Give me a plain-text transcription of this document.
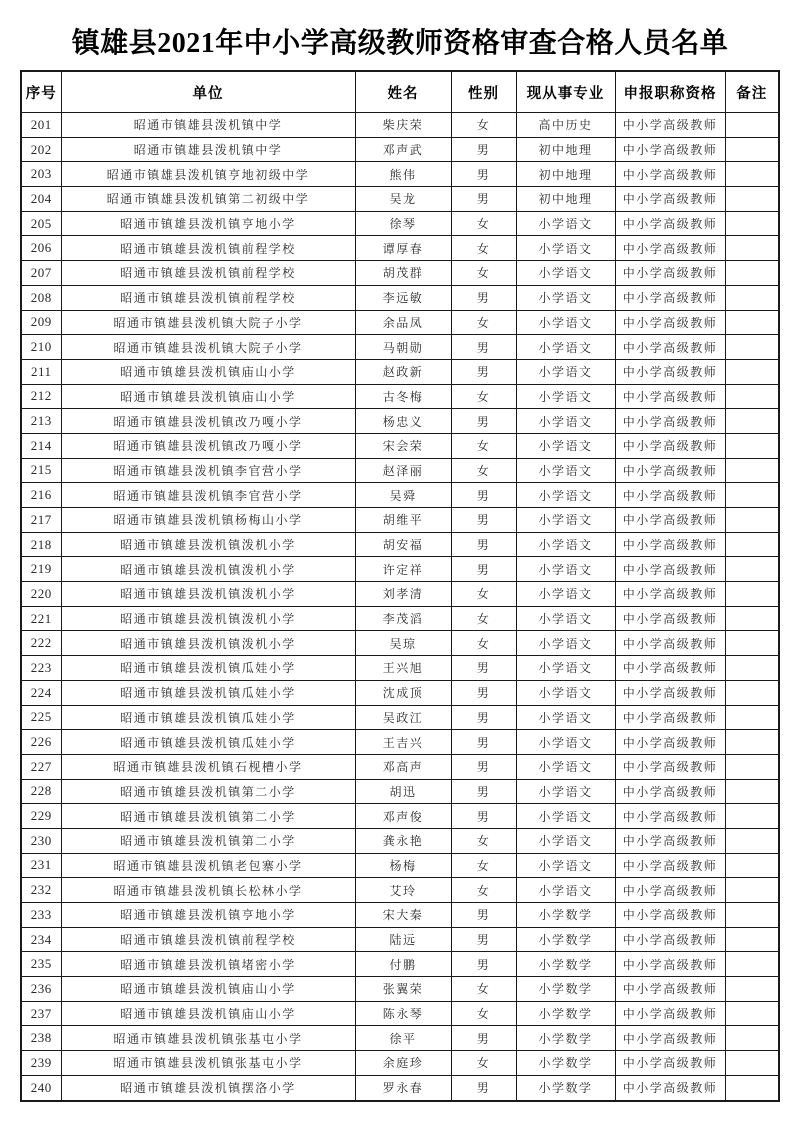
镇雄县2021年中小学高级教师资格审查合格人员名单
序号	单位	姓名	性别	现从事专业	申报职称资格	备注
201	昭通市镇雄县泼机镇中学	柴庆荣	女	高中历史	中小学高级教师	
202	昭通市镇雄县泼机镇中学	邓声武	男	初中地理	中小学高级教师	
203	昭通市镇雄县泼机镇亨地初级中学	熊伟	男	初中地理	中小学高级教师	
204	昭通市镇雄县泼机镇第二初级中学	吴龙	男	初中地理	中小学高级教师	
205	昭通市镇雄县泼机镇亨地小学	徐琴	女	小学语文	中小学高级教师	
206	昭通市镇雄县泼机镇前程学校	谭厚春	女	小学语文	中小学高级教师	
207	昭通市镇雄县泼机镇前程学校	胡茂群	女	小学语文	中小学高级教师	
208	昭通市镇雄县泼机镇前程学校	李远敏	男	小学语文	中小学高级教师	
209	昭通市镇雄县泼机镇大院子小学	余品凤	女	小学语文	中小学高级教师	
210	昭通市镇雄县泼机镇大院子小学	马朝勋	男	小学语文	中小学高级教师	
211	昭通市镇雄县泼机镇庙山小学	赵政新	男	小学语文	中小学高级教师	
212	昭通市镇雄县泼机镇庙山小学	古冬梅	女	小学语文	中小学高级教师	
213	昭通市镇雄县泼机镇改乃嘎小学	杨忠义	男	小学语文	中小学高级教师	
214	昭通市镇雄县泼机镇改乃嘎小学	宋会荣	女	小学语文	中小学高级教师	
215	昭通市镇雄县泼机镇李官营小学	赵泽丽	女	小学语文	中小学高级教师	
216	昭通市镇雄县泼机镇李官营小学	吴舜	男	小学语文	中小学高级教师	
217	昭通市镇雄县泼机镇杨梅山小学	胡维平	男	小学语文	中小学高级教师	
218	昭通市镇雄县泼机镇泼机小学	胡安福	男	小学语文	中小学高级教师	
219	昭通市镇雄县泼机镇泼机小学	许定祥	男	小学语文	中小学高级教师	
220	昭通市镇雄县泼机镇泼机小学	刘孝清	女	小学语文	中小学高级教师	
221	昭通市镇雄县泼机镇泼机小学	李茂滔	女	小学语文	中小学高级教师	
222	昭通市镇雄县泼机镇泼机小学	吴琼	女	小学语文	中小学高级教师	
223	昭通市镇雄县泼机镇瓜娃小学	王兴旭	男	小学语文	中小学高级教师	
224	昭通市镇雄县泼机镇瓜娃小学	沈成顶	男	小学语文	中小学高级教师	
225	昭通市镇雄县泼机镇瓜娃小学	吴政江	男	小学语文	中小学高级教师	
226	昭通市镇雄县泼机镇瓜娃小学	王吉兴	男	小学语文	中小学高级教师	
227	昭通市镇雄县泼机镇石枧槽小学	邓高声	男	小学语文	中小学高级教师	
228	昭通市镇雄县泼机镇第二小学	胡迅	男	小学语文	中小学高级教师	
229	昭通市镇雄县泼机镇第二小学	邓声俊	男	小学语文	中小学高级教师	
230	昭通市镇雄县泼机镇第二小学	龚永艳	女	小学语文	中小学高级教师	
231	昭通市镇雄县泼机镇老包寨小学	杨梅	女	小学语文	中小学高级教师	
232	昭通市镇雄县泼机镇长松林小学	艾玲	女	小学语文	中小学高级教师	
233	昭通市镇雄县泼机镇亨地小学	宋大秦	男	小学数学	中小学高级教师	
234	昭通市镇雄县泼机镇前程学校	陆远	男	小学数学	中小学高级教师	
235	昭通市镇雄县泼机镇堵密小学	付鹏	男	小学数学	中小学高级教师	
236	昭通市镇雄县泼机镇庙山小学	张翼荣	女	小学数学	中小学高级教师	
237	昭通市镇雄县泼机镇庙山小学	陈永琴	女	小学数学	中小学高级教师	
238	昭通市镇雄县泼机镇张基屯小学	徐平	男	小学数学	中小学高级教师	
239	昭通市镇雄县泼机镇张基屯小学	余庭珍	女	小学数学	中小学高级教师	
240	昭通市镇雄县泼机镇摆洛小学	罗永春	男	小学数学	中小学高级教师	
